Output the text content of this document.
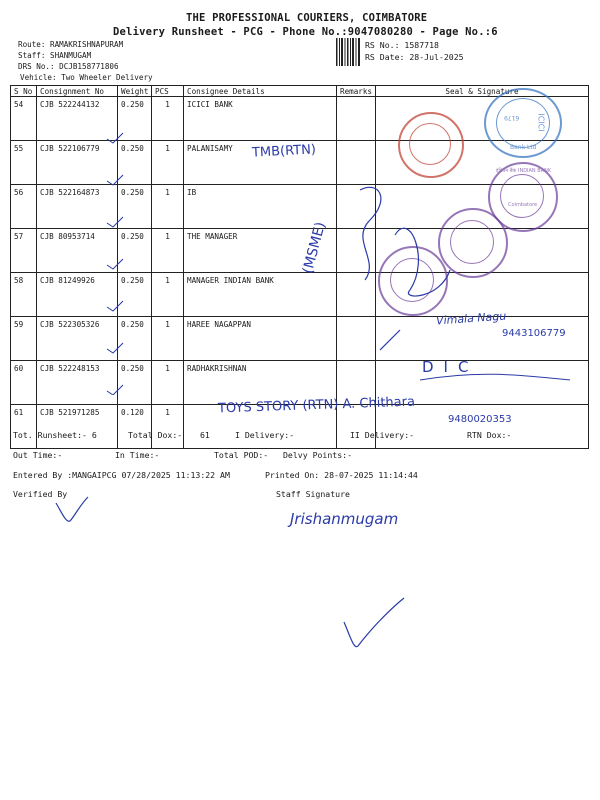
THE PROFESSIONAL COURIERS, COIMBATORE
Delivery Runsheet - PCG - Phone No.:9047080280 - Page No.:6
Route: RAMAKRISHNAPURAM
Staff: SHANMUGAM
DRS No.: DCJB158771806
Vehicle: Two Wheeler Delivery
RS No.: 1587718
RS Date: 28-Jul-2025
S No	Consignment No	Weight	PCS	Consignee Details	Remarks	Seal & Signature
54	CJB 522244132	0.250	1	ICICI BANK		
55	CJB 522106779	0.250	1	PALANISAMY		
56	CJB 522164873	0.250	1	IB		
57	CJB 80953714	0.250	1	THE MANAGER		
58	CJB 81249926	0.250	1	MANAGER INDIAN BANK		
59	CJB 522305326	0.250	1	HAREE NAGAPPAN		
60	CJB 522248153	0.250	1	RADHAKRISHNAN		
61	CJB 521971285	0.120	1			
ICICI
6179
Bank Ltd
इंडियन बैंक INDIAN BANK
Coimbatore
TMB(RTN)
(MSME)
Vimala Nagu
9443106779
DIC
TOYS STORY (RTN) A. Chithara
9480020353
Tot. Runsheet:- 6	Total Dox:- 61	I Delivery:-	II Delivery:-	RTN Dox:-
Out Time:-	In Time:-	Total POD:- Delvy Points:-
Entered By :MANGAIPCG 07/28/2025 11:13:22 AM	Printed On: 28-07-2025 11:14:44
Verified By	Staff Signature
Jrishanmugam
